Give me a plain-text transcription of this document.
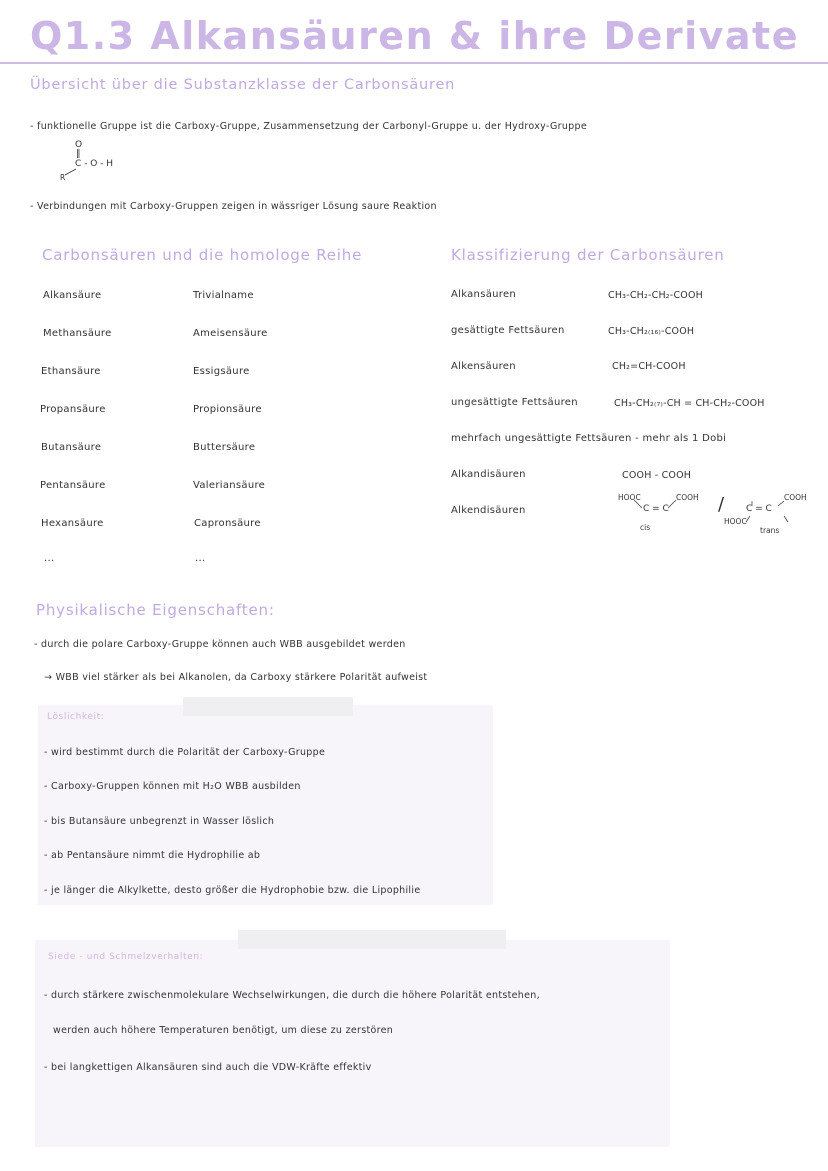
Q1.3 Alkansäuren & ihre Derivate
Übersicht über die Substanzklasse der Carbonsäuren
- funktionelle Gruppe ist die Carboxy-Gruppe, Zusammensetzung der Carbonyl-Gruppe u. der Hydroxy-Gruppe
O
‖
C - O - H
R
- Verbindungen mit Carboxy-Gruppen zeigen in wässriger Lösung saure Reaktion
Carbonsäuren und die homologe Reihe
Alkansäure	Trivialname
Methansäure	Ameisensäure
Ethansäure	Essigsäure
Propansäure	Propionsäure
Butansäure	Buttersäure
Pentansäure	Valeriansäure
Hexansäure	Capronsäure
...	...
Klassifizierung der Carbonsäuren
Alkansäuren	CH₃-CH₂-CH₂-COOH
gesättigte Fettsäuren	CH₃-CH₂₍₁₆₎-COOH
Alkensäuren	CH₂=CH-COOH
ungesättigte Fettsäuren	CH₃-CH₂₍₇₎-CH = CH-CH₂-COOH
mehrfach ungesättigte Fettsäuren - mehr als 1 Dobi
Alkandisäuren	COOH - COOH
Alkendisäuren
HOOC	COOH
C = C
cis
/ C = C
COOH
HOOC
trans
Physikalische Eigenschaften:
- durch die polare Carboxy-Gruppe können auch WBB ausgebildet werden
→ WBB viel stärker als bei Alkanolen, da Carboxy stärkere Polarität aufweist
Löslichkeit:
- wird bestimmt durch die Polarität der Carboxy-Gruppe
- Carboxy-Gruppen können mit H₂O WBB ausbilden
- bis Butansäure unbegrenzt in Wasser löslich
- ab Pentansäure nimmt die Hydrophilie ab
- je länger die Alkylkette, desto größer die Hydrophobie bzw. die Lipophilie
Siede - und Schmelzverhalten:
- durch stärkere zwischenmolekulare Wechselwirkungen, die durch die höhere Polarität entstehen,
werden auch höhere Temperaturen benötigt, um diese zu zerstören
- bei langkettigen Alkansäuren sind auch die VDW-Kräfte effektiv
